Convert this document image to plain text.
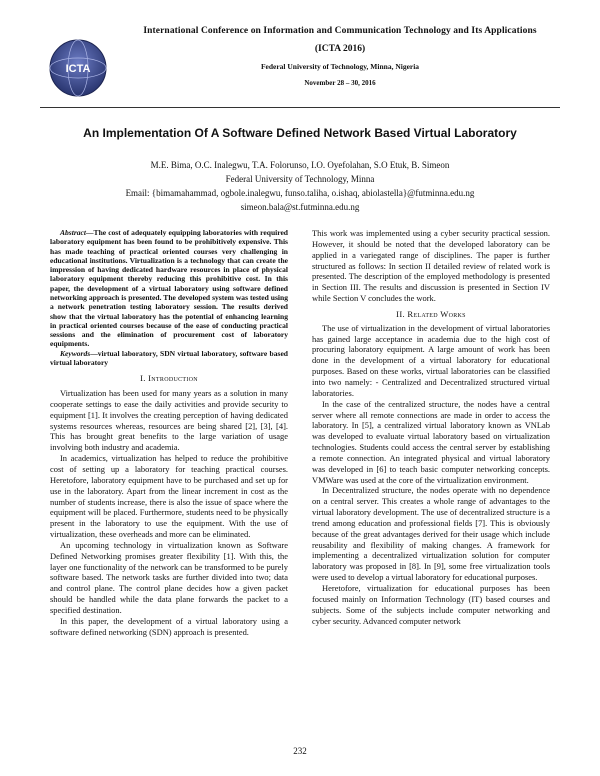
ICTA
International Conference on Information and Communication Technology and Its Applications
(ICTA 2016)
Federal University of Technology, Minna, Nigeria
November 28 – 30, 2016
An Implementation Of A Software Defined Network Based Virtual Laboratory
M.E. Bima, O.C. Inalegwu, T.A. Folorunso, I.O. Oyefolahan, S.O Etuk, B. Simeon
Federal University of Technology, Minna
Email: {bimamahammad, ogbole.inalegwu, funso.taliha, o.ishaq, abiolastella}@futminna.edu.ng
simeon.bala@st.futminna.edu.ng

Abstract—The cost of adequately equipping laboratories with required laboratory equipment has been found to be prohibitively expensive. This has made teaching of practical oriented courses very challenging in educational institutions. Virtualization is a technology that can create the impression of having dedicated hardware resources in place of physical laboratory equipment thereby reducing this prohibitive cost. In this paper, the development of a virtual laboratory using software defined networking approach is presented. The developed system was tested using a network penetration testing laboratory session. The results derived show that the virtual laboratory has the potential of enhancing learning in practical oriented courses because of the ease of conducting practical sessions and the elimination of procurement cost of laboratory equipments.

Keywords—virtual laboratory, SDN virtual laboratory, software based virtual laboratory

I. Introduction

Virtualization has been used for many years as a solution in many cooperate settings to ease the daily activities and provide security to equipment [1]. It involves the creating perception of having dedicated systems resources whereas, resources are being shared [2], [3], [4]. This has brought great benefits to the large variation of usage involving both industry and academia.

In academics, virtualization has helped to reduce the prohibitive cost of setting up a laboratory for teaching practical courses. Heretofore, laboratory equipment have to be purchased and set up for use in the laboratory. Apart from the linear increment in cost as the number of students increase, there is also the issue of space where the equipment will be placed. Furthermore, students need to be physically present in the laboratory to use the equipment. With the use of virtualization, these overheads and more can be eliminated.

An upcoming technology in virtualization known as Software Defined Networking promises greater flexibility [1]. With this, the layer one functionality of the network can be transformed to be purely software based. The network tasks are further divided into two; data and control plane. The control plane decides how a given packet should be handled while the data plane forwards the packet to a specified destination.

In this paper, the development of a virtual laboratory using a software defined networking (SDN) approach is presented.

This work was implemented using a cyber security practical session. However, it should be noted that the developed laboratory can be applied in a variegated range of disciplines. The paper is further structured as follows: In section II detailed review of related work is presented. The description of the employed methodology is presented in Section III. The results and discussion is presented in Section IV while Section V concludes the work.

II. Related Works

The use of virtualization in the development of virtual laboratories has gained large acceptance in academia due to the high cost of procuring laboratory equipment. A large amount of work has been done in the development of a virtual laboratory for educational purposes. Based on these works, virtual laboratories can be classified into two namely: - Centralized and Decentralized structured virtual laboratories.

In the case of the centralized structure, the nodes have a central server where all remote connections are made in order to access the laboratory. In [5], a centralized virtual laboratory known as VNLab was developed to evaluate virtual laboratory based on virtualization technologies. Students could access the central server by establishing a remote connection. An integrated physical and virtual laboratory was developed in [6] to teach basic computer networking concepts. VMWare was used at the core of the virtualization environment.

In Decentralized structure, the nodes operate with no dependence on a central server. This creates a whole range of advantages to the virtual laboratory development. The use of decentralized structure is a trend among education and professional fields [7]. This is obviously because of the great advantages derived for their usage which include reusability and flexibility of making changes. A framework for implementing a decentralized virtualization solution for computer laboratory was proposed in [8]. In [9], some free virtualization tools were used to develop a virtual laboratory for educational purposes.

Heretofore, virtualization for educational purposes has been focused mainly on Information Technology (IT) based courses and subjects. Some of the subjects include computer networking and cyber security. Advanced computer network

232
